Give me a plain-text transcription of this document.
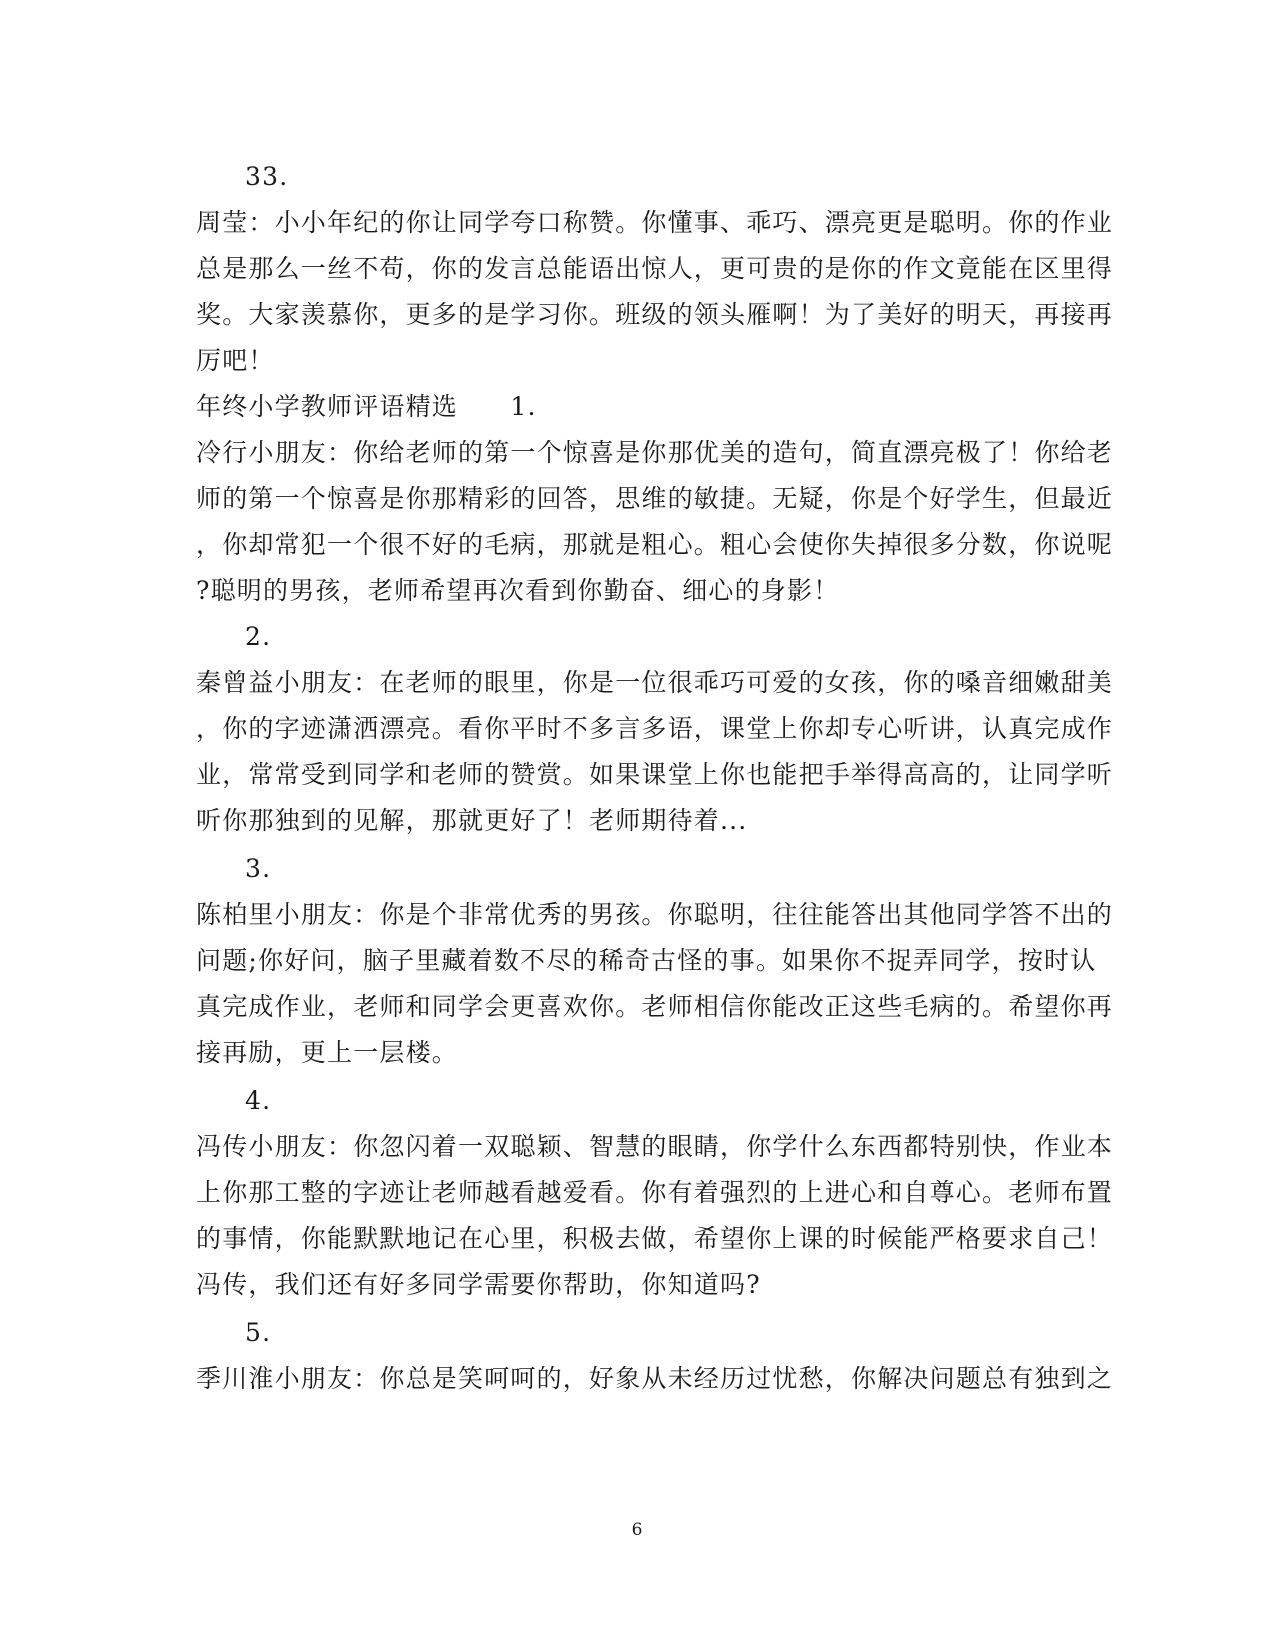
33.
周莹：小小年纪的你让同学夸口称赞。你懂事、乖巧、漂亮更是聪明。你的作业
总是那么一丝不苟，你的发言总能语出惊人，更可贵的是你的作文竟能在区里得
奖。大家羡慕你，更多的是学习你。班级的领头雁啊！为了美好的明天，再接再
厉吧！
年终小学教师评语精选　　1.
冷行小朋友：你给老师的第一个惊喜是你那优美的造句，简直漂亮极了！你给老
师的第一个惊喜是你那精彩的回答，思维的敏捷。无疑，你是个好学生，但最近
，你却常犯一个很不好的毛病，那就是粗心。粗心会使你失掉很多分数，你说呢
?聪明的男孩，老师希望再次看到你勤奋、细心的身影！
2.
秦曾益小朋友：在老师的眼里，你是一位很乖巧可爱的女孩，你的嗓音细嫩甜美
，你的字迹潇洒漂亮。看你平时不多言多语，课堂上你却专心听讲，认真完成作
业，常常受到同学和老师的赞赏。如果课堂上你也能把手举得高高的，让同学听
听你那独到的见解，那就更好了！老师期待着...
3.
陈柏里小朋友：你是个非常优秀的男孩。你聪明，往往能答出其他同学答不出的
问题;你好问，脑子里藏着数不尽的稀奇古怪的事。如果你不捉弄同学，按时认
真完成作业，老师和同学会更喜欢你。老师相信你能改正这些毛病的。希望你再
接再励，更上一层楼。
4.
冯传小朋友：你忽闪着一双聪颖、智慧的眼睛，你学什么东西都特别快，作业本
上你那工整的字迹让老师越看越爱看。你有着强烈的上进心和自尊心。老师布置
的事情，你能默默地记在心里，积极去做，希望你上课的时候能严格要求自己！
冯传，我们还有好多同学需要你帮助，你知道吗?
5.
季川淮小朋友：你总是笑呵呵的，好象从未经历过忧愁，你解决问题总有独到之
6
